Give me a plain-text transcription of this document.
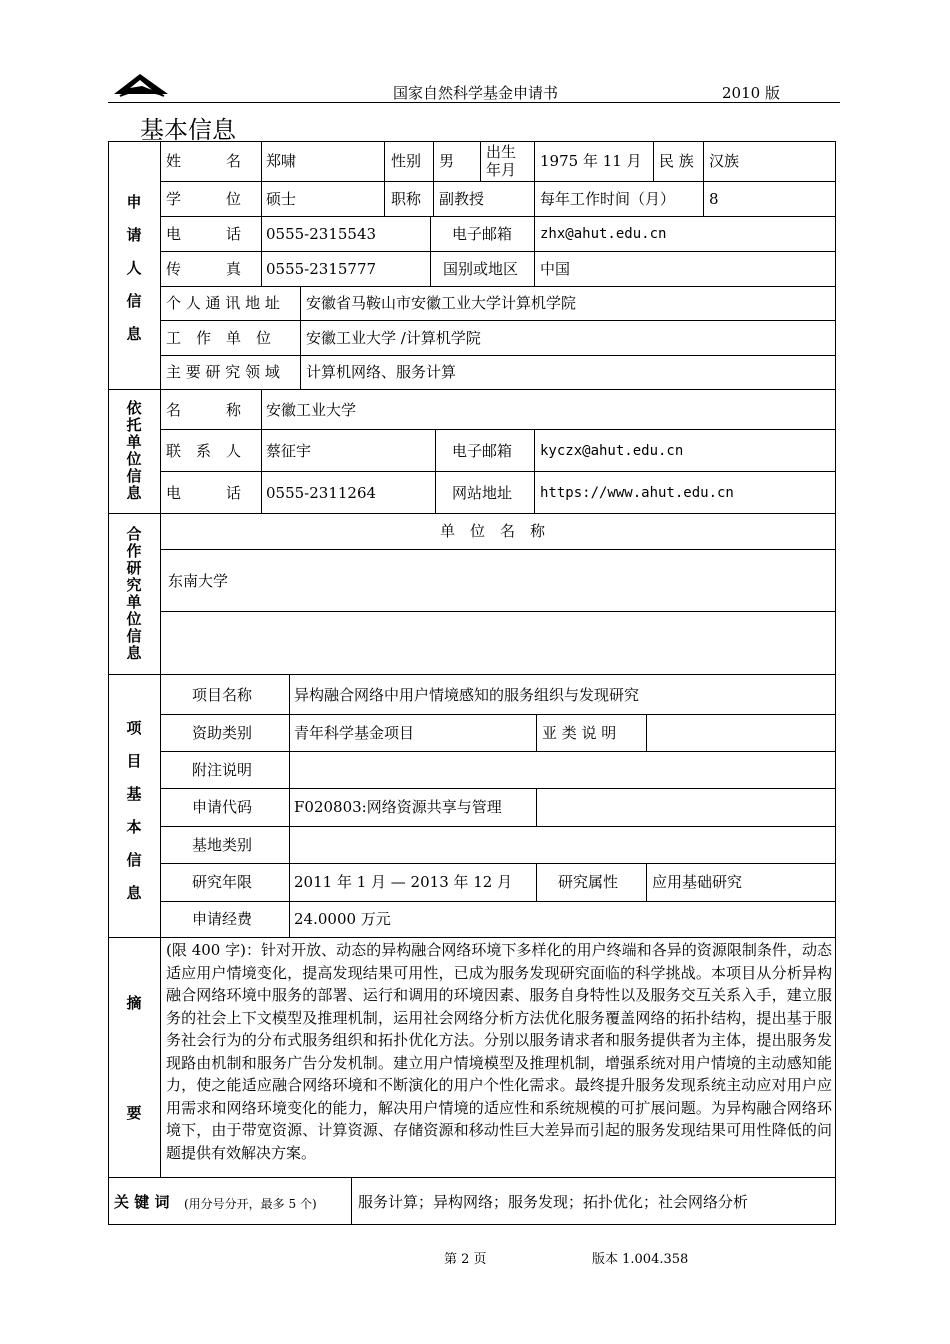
国家自然科学基金申请书	2010 版
基本信息
申
请
人
信
息
姓　　　名 郑啸	性别 男 出生年月	1975 年 11 月 民 族 汉族
学　　　位 硕士	职称 副教授	每年工作时间（月） 8
电　　　话 0555-2315543	电子邮箱 zhx@ahut.edu.cn
传　　　真 0555-2315777	国别或地区 中国
个 人 通 讯 地 址 安徽省马鞍山市安徽工业大学计算机学院
工　作　单　位 安徽工业大学 /计算机学院
主 要 研 究 领 域 计算机网络、服务计算
依
托
单
位
信
息
名　　　称 安徽工业大学
联　系　人 蔡征宇	电子邮箱 kyczx@ahut.edu.cn
电　　　话 0555-2311264	网站地址 https://www.ahut.edu.cn
合
作
研
究
单
位
信
息
单　位　名　称
东南大学
项
目
基
本
信
息
项目名称	异构融合网络中用户情境感知的服务组织与发现研究
资助类别	青年科学基金项目	亚 类 说 明
附注说明
申请代码	F020803:网络资源共享与管理
基地类别
研究年限	2011 年 1 月 — 2013 年 12 月	研究属性 应用基础研究
申请经费	24.0000 万元
摘
要
(限 400 字)：针对开放、动态的异构融合网络环境下多样化的用户终端和各异的资源限制条件，动态适应用户情境变化，提高发现结果可用性，已成为服务发现研究面临的科学挑战。本项目从分析异构融合网络环境中服务的部署、运行和调用的环境因素、服务自身特性以及服务交互关系入手，建立服务的社会上下文模型及推理机制，运用社会网络分析方法优化服务覆盖网络的拓扑结构，提出基于服务社会行为的分布式服务组织和拓扑优化方法。分别以服务请求者和服务提供者为主体，提出服务发现路由机制和服务广告分发机制。建立用户情境模型及推理机制，增强系统对用户情境的主动感知能力，使之能适应融合网络环境和不断演化的用户个性化需求。最终提升服务发现系统主动应对用户应用需求和网络环境变化的能力，解决用户情境的适应性和系统规模的可扩展问题。为异构融合网络环境下，由于带宽资源、计算资源、存储资源和移动性巨大差异而引起的服务发现结果可用性降低的问题提供有效解决方案。
关 键 词 (用分号分开，最多 5 个)	服务计算；异构网络；服务发现；拓扑优化；社会网络分析
第 2 页	版本 1.004.358
